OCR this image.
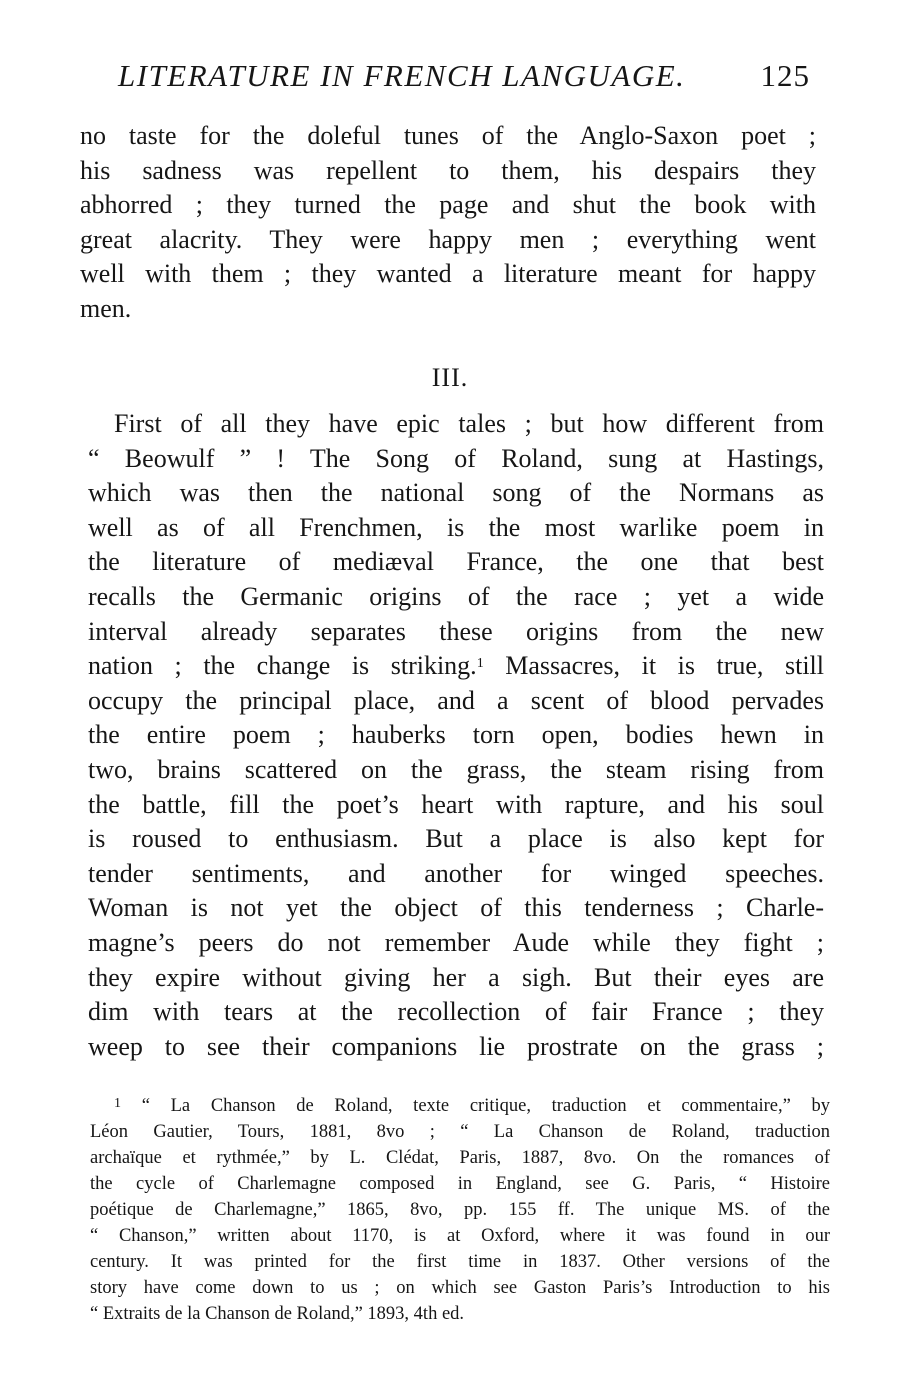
LITERATURE IN FRENCH LANGUAGE. 125
no taste for the doleful tunes of the Anglo-Saxon poet ;
his sadness was repellent to them, his despairs they
abhorred ; they turned the page and shut the book with
great alacrity. They were happy men ; everything went
well with them ; they wanted a literature meant for happy
men.
III.
First of all they have epic tales ; but how different from
“ Beowulf ” ! The Song of Roland, sung at Hastings,
which was then the national song of the Normans as
well as of all Frenchmen, is the most warlike poem in
the literature of mediæval France, the one that best
recalls the Germanic origins of the race ; yet a wide
interval already separates these origins from the new
nation ; the change is striking.$^1$ Massacres, it is true, still
occupy the principal place, and a scent of blood pervades
the entire poem ; hauberks torn open, bodies hewn in
two, brains scattered on the grass, the steam rising from
the battle, fill the poet’s heart with rapture, and his soul
is roused to enthusiasm. But a place is also kept for
tender sentiments, and another for winged speeches.
Woman is not yet the object of this tenderness ; Charle-
magne’s peers do not remember Aude while they fight ;
they expire without giving her a sigh. But their eyes are
dim with tears at the recollection of fair France ; they
weep to see their companions lie prostrate on the grass ;
$^1$ “ La Chanson de Roland, texte critique, traduction et commentaire,” by
Léon Gautier, Tours, 1881, 8vo ; “ La Chanson de Roland, traduction
archaïque et rythmée,” by L. Clédat, Paris, 1887, 8vo. On the romances of
the cycle of Charlemagne composed in England, see G. Paris, “ Histoire
poétique de Charlemagne,” 1865, 8vo, pp. 155 ff. The unique MS. of the
“ Chanson,” written about 1170, is at Oxford, where it was found in our
century. It was printed for the first time in 1837. Other versions of the
story have come down to us ; on which see Gaston Paris’s Introduction to his
“ Extraits de la Chanson de Roland,” 1893, 4th ed.
